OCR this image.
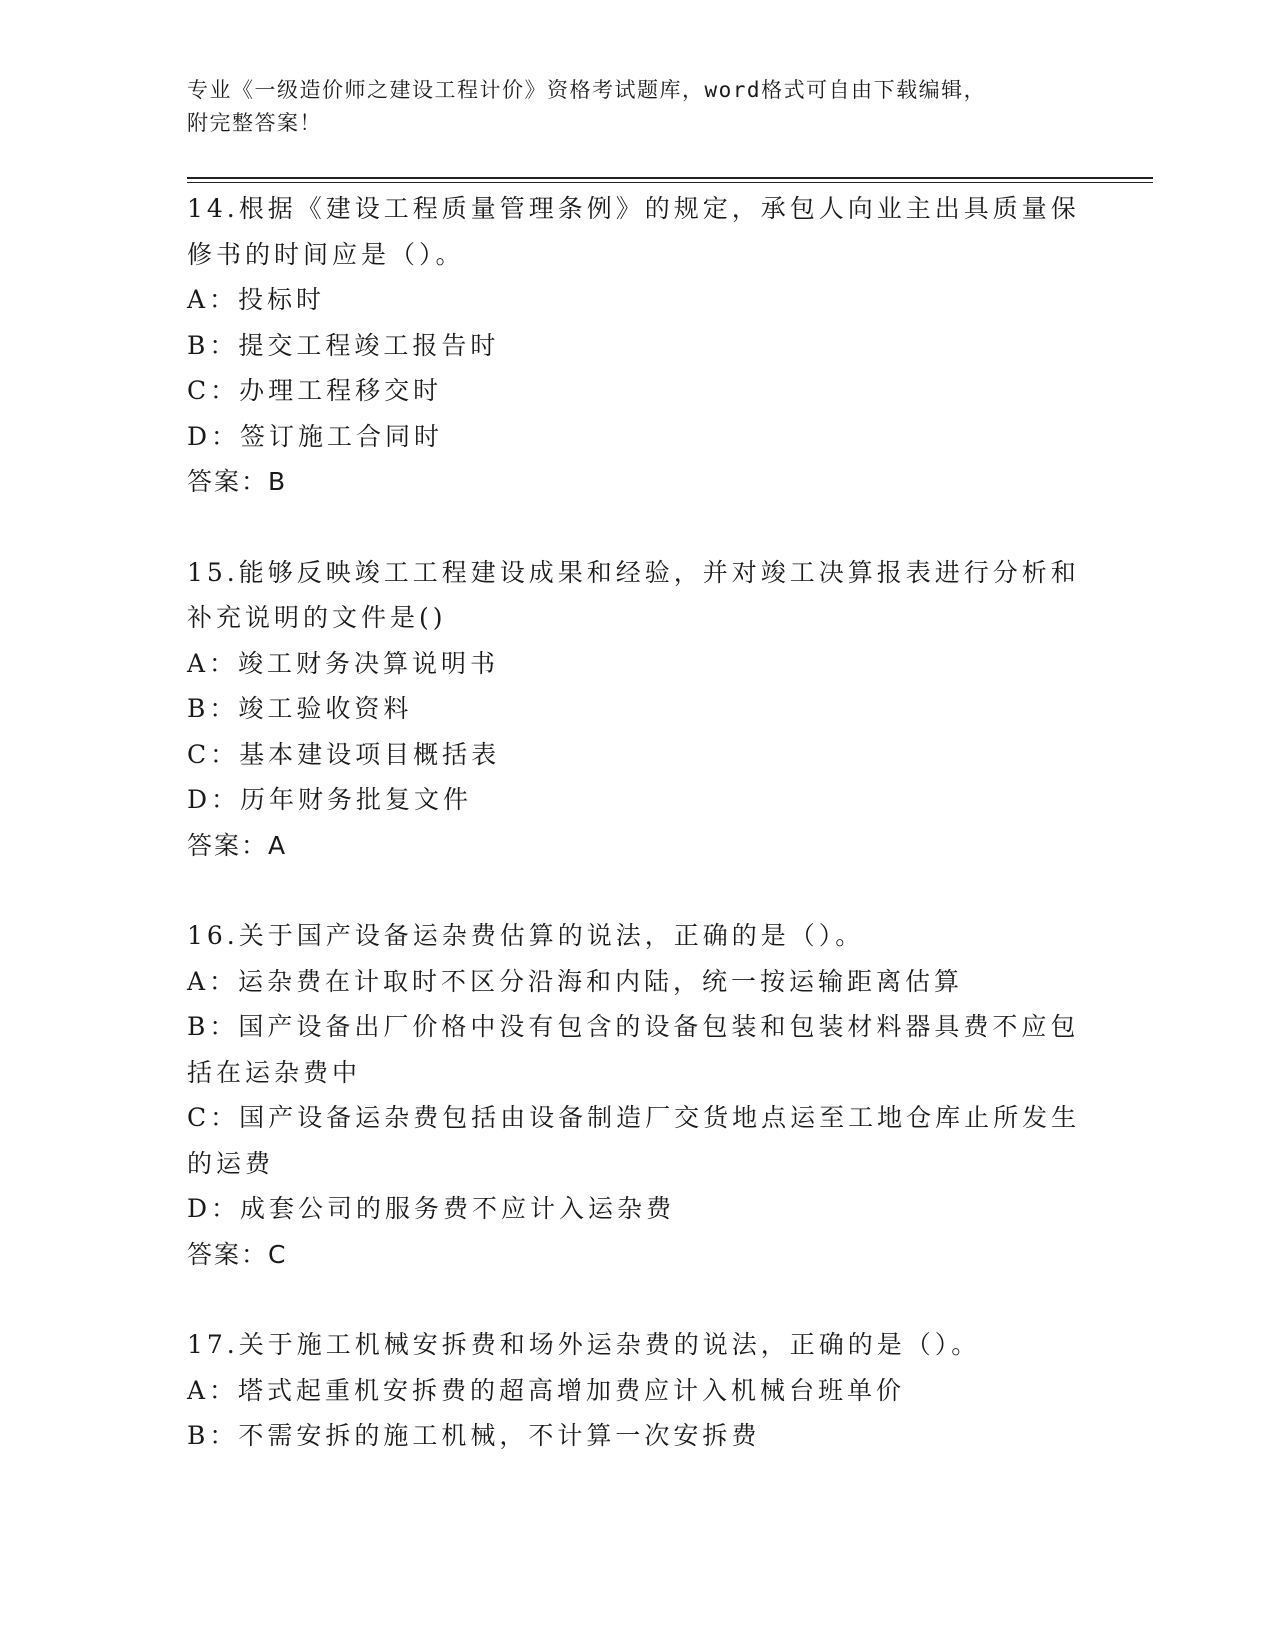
专业《一级造价师之建设工程计价》资格考试题库，word格式可自由下载编辑，
附完整答案！
14.根据《建设工程质量管理条例》的规定，承包人向业主出具质量保
修书的时间应是（）。
A：投标时
B：提交工程竣工报告时
C：办理工程移交时
D：签订施工合同时
答案：B
15.能够反映竣工工程建设成果和经验，并对竣工决算报表进行分析和
补充说明的文件是()
A：竣工财务决算说明书
B：竣工验收资料
C：基本建设项目概括表
D：历年财务批复文件
答案：A
16.关于国产设备运杂费估算的说法，正确的是（）。
A：运杂费在计取时不区分沿海和内陆，统一按运输距离估算
B：国产设备出厂价格中没有包含的设备包装和包装材料器具费不应包
括在运杂费中
C：国产设备运杂费包括由设备制造厂交货地点运至工地仓库止所发生
的运费
D：成套公司的服务费不应计入运杂费
答案：C
17.关于施工机械安拆费和场外运杂费的说法，正确的是（）。
A：塔式起重机安拆费的超高增加费应计入机械台班单价
B：不需安拆的施工机械，不计算一次安拆费
